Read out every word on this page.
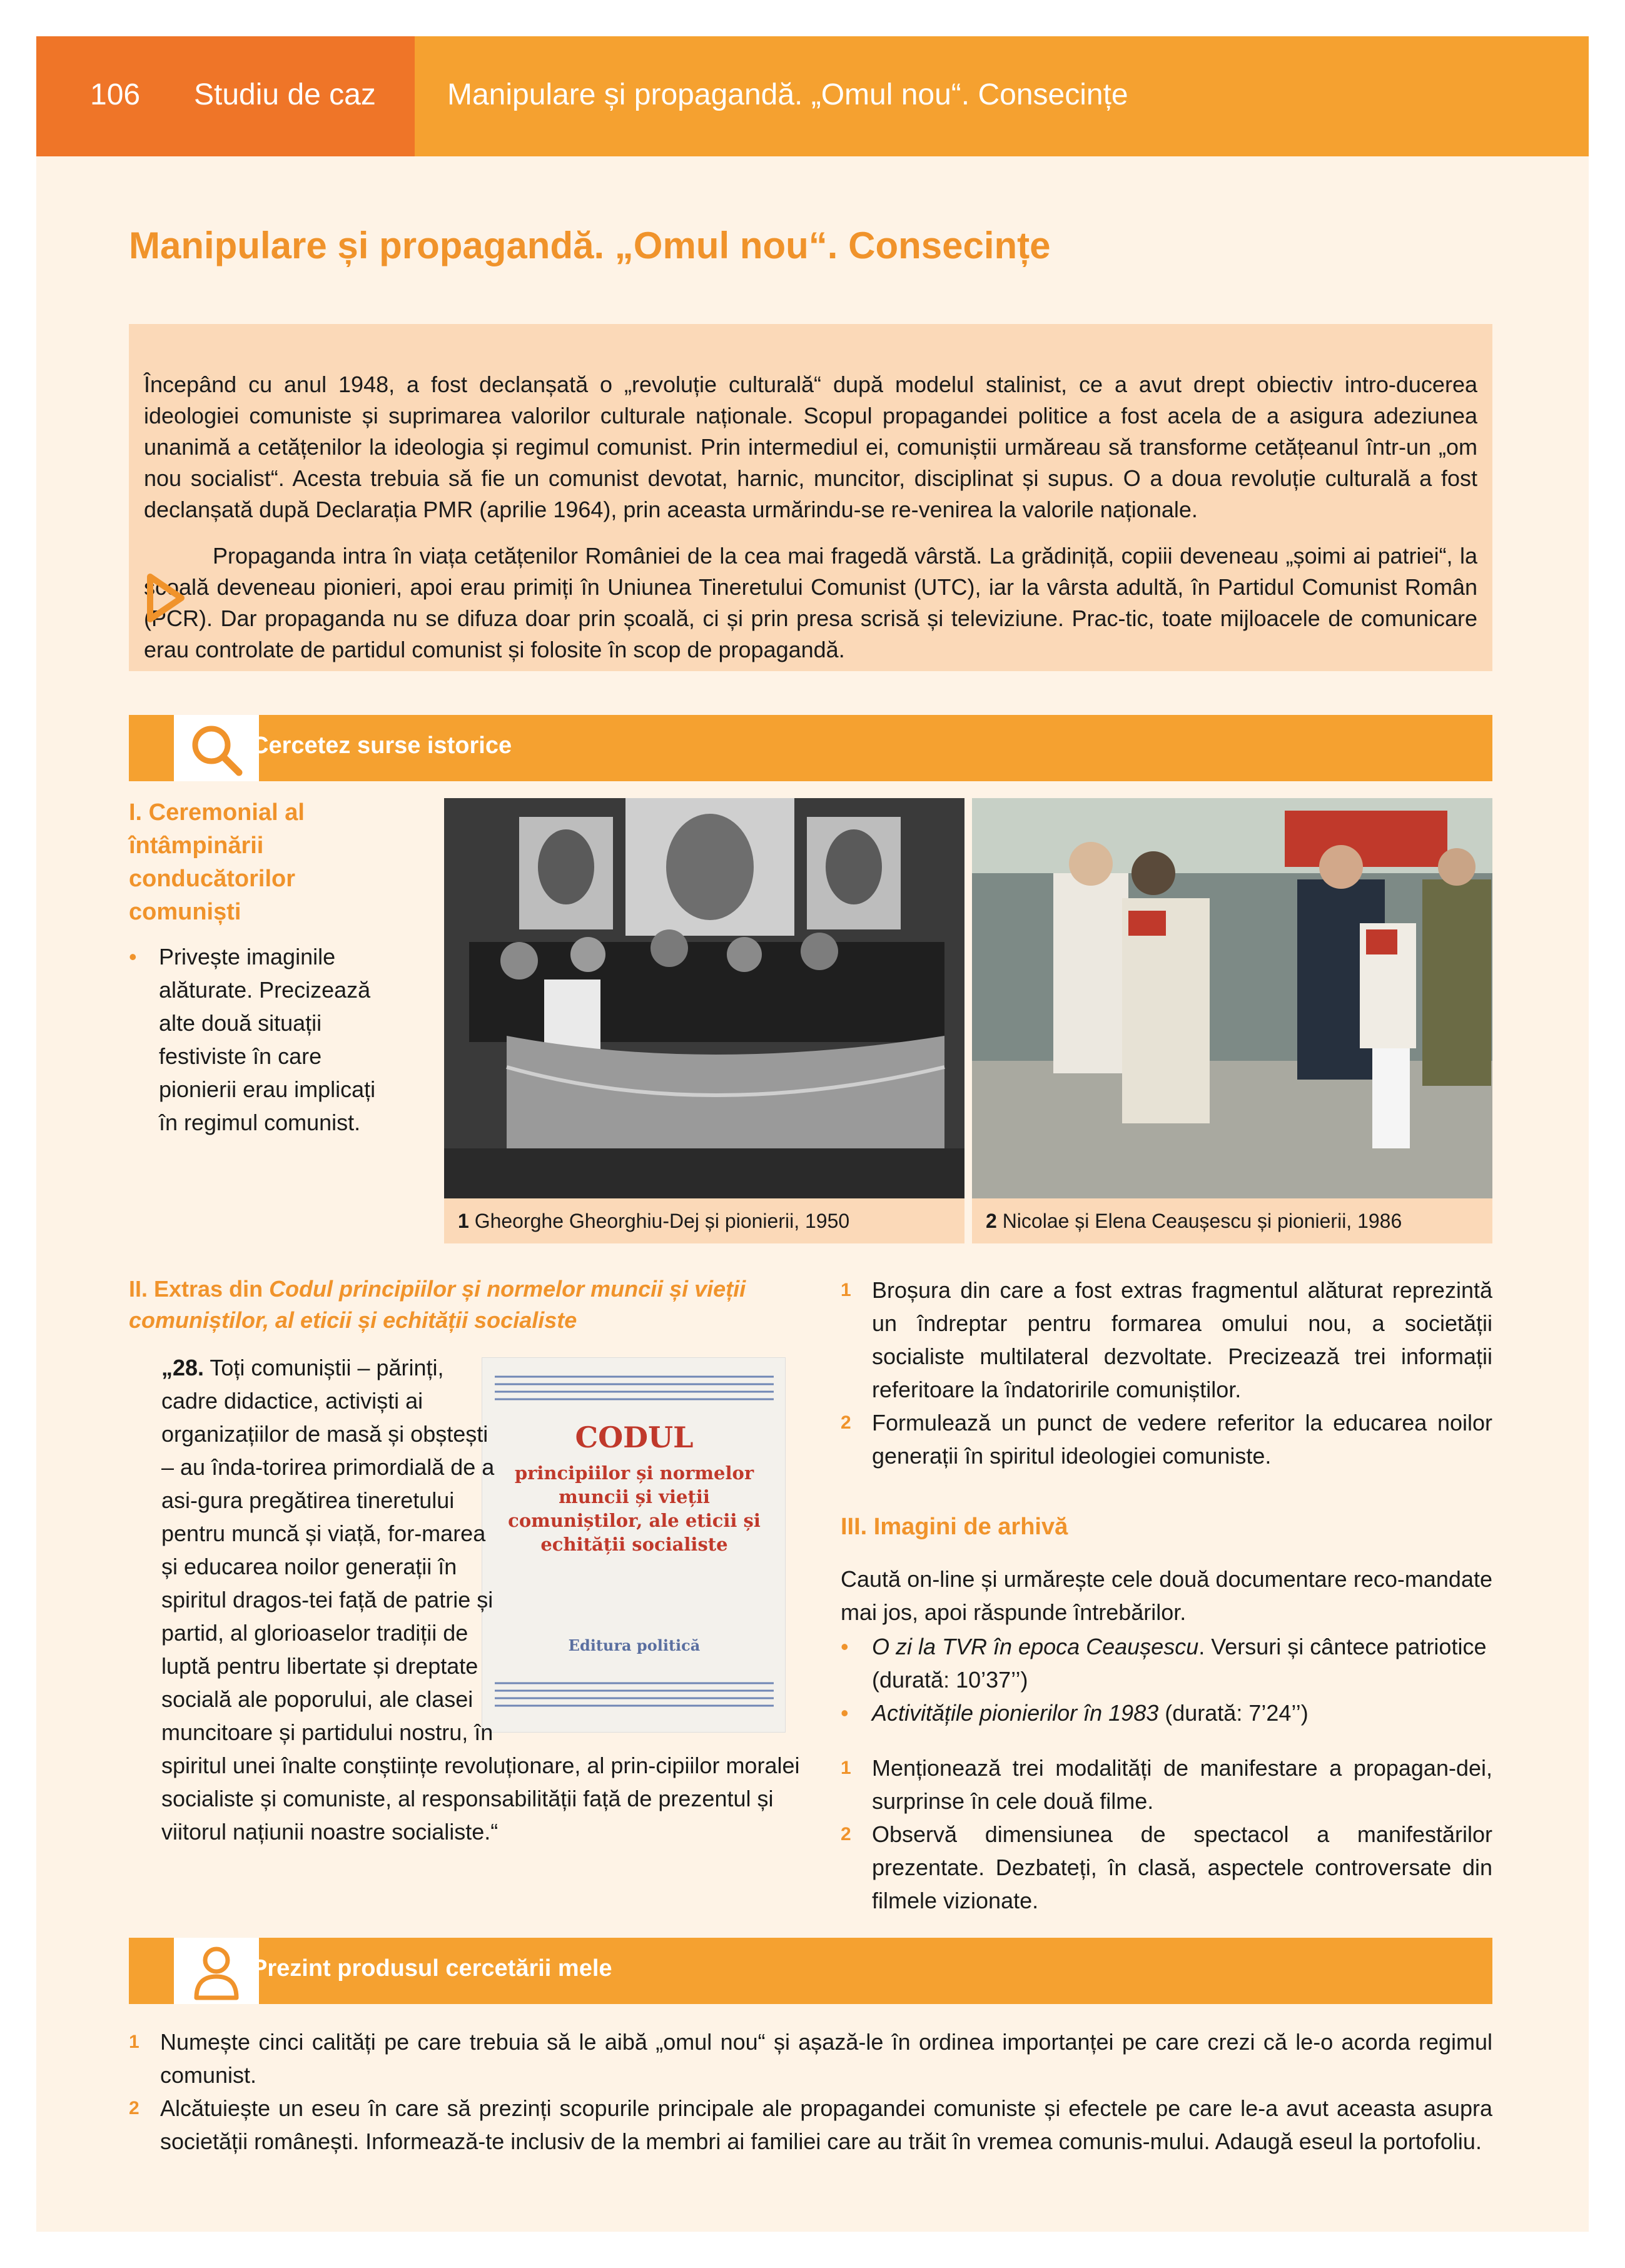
106 Studiu de caz Manipulare și propagandă. „Omul nou“. Consecințe
Manipulare și propagandă. „Omul nou“. Consecințe

Începând cu anul 1948, a fost declanșată o „revoluție culturală“ după modelul stalinist, ce a avut drept obiectiv intro-ducerea ideologiei comuniste și suprimarea valorilor culturale naționale. Scopul propagandei politice a fost acela de a asigura adeziunea unanimă a cetățenilor la ideologia și regimul comunist. Prin intermediul ei, comuniștii urmăreau să transforme cetățeanul într-un „om nou socialist“. Acesta trebuia să fie un comunist devotat, harnic, muncitor, disciplinat și supus. O a doua revoluție culturală a fost declanșată după Declarația PMR (aprilie 1964), prin aceasta urmărindu-se re-venirea la valorile naționale.

Propaganda intra în viața cetățenilor României de la cea mai fragedă vârstă. La grădiniță, copiii deveneau „șoimi ai patriei“, la școală deveneau pionieri, apoi erau primiți în Uniunea Tineretului Comunist (UTC), iar la vârsta adultă, în Partidul Comunist Român (PCR). Dar propaganda nu se difuza doar prin școală, ci și prin presa scrisă și televiziune. Prac-tic, toate mijloacele de comunicare erau controlate de partidul comunist și folosite în scop de propagandă.

Cercetez surse istorice
I. Ceremonial al întâmpinării conducătorilor comuniști
• Privește imaginile alăturate. Precizează alte două situații festiviste în care pionierii erau implicați în regimul comunist.
1 Gheorghe Gheorghiu-Dej și pionierii, 1950	2 Nicolae și Elena Ceaușescu și pionierii, 1986
II. Extras din Codul principiilor și normelor muncii și vieții comuniștilor, al eticii și echității socialiste
CODUL
principiilor și normelor muncii și vieții comuniștilor, ale eticii și echității socialiste
Editura politică
„28. Toți comuniștii – părinți, cadre didactice, activiști ai organizațiilor de masă și obștești – au înda-torirea primordială de a asi-gura pregătirea tineretului pentru muncă și viață, for-marea și educarea noilor generații în spiritul dragos-tei față de patrie și partid, al glorioaselor tradiții de luptă pentru libertate și dreptate socială ale poporului, ale clasei muncitoare și partidului nostru, în spiritul unei înalte conștiințe revoluționare, al prin-cipiilor moralei socialiste și comuniste, al responsabilității față de prezentul și viitorul națiunii noastre socialiste.“
1 Broșura din care a fost extras fragmentul alăturat reprezintă un îndreptar pentru formarea omului nou, a societății socialiste multilateral dezvoltate. Precizează trei informații referitoare la îndatoririle comuniștilor.
2 Formulează un punct de vedere referitor la educarea noilor generații în spiritul ideologiei comuniste.
III. Imagini de arhivă
Caută on-line și urmărește cele două documentare reco-mandate mai jos, apoi răspunde întrebărilor.
• O zi la TVR în epoca Ceaușescu. Versuri și cântece patriotice (durată: 10’37’’)
• Activitățile pionierilor în 1983 (durată: 7’24’’)
1 Menționează trei modalități de manifestare a propagan-dei, surprinse în cele două filme.
2 Observă dimensiunea de spectacol a manifestărilor prezentate. Dezbateți, în clasă, aspectele controversate din filmele vizionate.
Prezint produsul cercetării mele
1 Numește cinci calități pe care trebuia să le aibă „omul nou“ și așază-le în ordinea importanței pe care crezi că le-o acorda regimul comunist.
2 Alcătuiește un eseu în care să prezinți scopurile principale ale propagandei comuniste și efectele pe care le-a avut aceasta asupra societății românești. Informează-te inclusiv de la membri ai familiei care au trăit în vremea comunis-mului. Adaugă eseul la portofoliu.
